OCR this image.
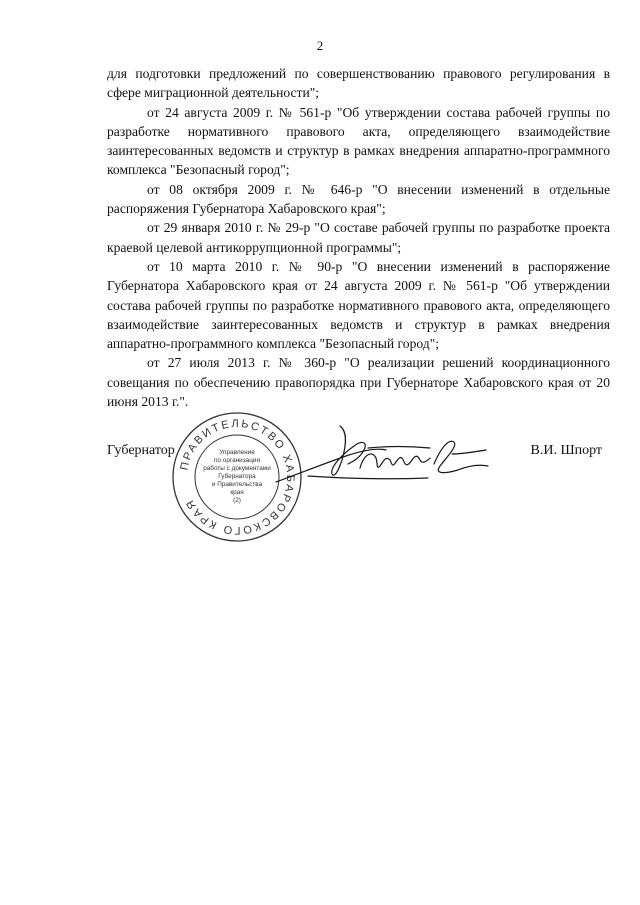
2

для подготовки предложений по совершенствованию правового регулирования в сфере миграционной деятельности";

от 24 августа 2009 г. № 561-р "Об утверждении состава рабочей группы по разработке нормативного правового акта, определяющего взаимодействие заинтересованных ведомств и структур в рамках внедрения аппаратно-программного комплекса "Безопасный город";

от 08 октября 2009 г. № 646-р "О внесении изменений в отдельные распоряжения Губернатора Хабаровского края";

от 29 января 2010 г. № 29-р "О составе рабочей группы по разработке проекта краевой целевой антикоррупционной программы";

от 10 марта 2010 г. № 90-р "О внесении изменений в распоряжение Губернатора Хабаровского края от 24 августа 2009 г. № 561-р "Об утверждении состава рабочей группы по разработке нормативного правового акта, определяющего взаимодействие заинтересованных ведомств и структур в рамках внедрения аппаратно-программного комплекса "Безопасный город";

от 27 июля 2013 г. № 360-р "О реализации решений координационного совещания по обеспечению правопорядка при Губернаторе Хабаровского края от 20 июня 2013 г.".

Губернатор
ПРАВИТЕЛЬСТВО ХАБАРОВСКОГО КРАЯ
Управление
по организации
работы с документами
Губернатора
и Правительства
края
(2)
В.И. Шпорт
